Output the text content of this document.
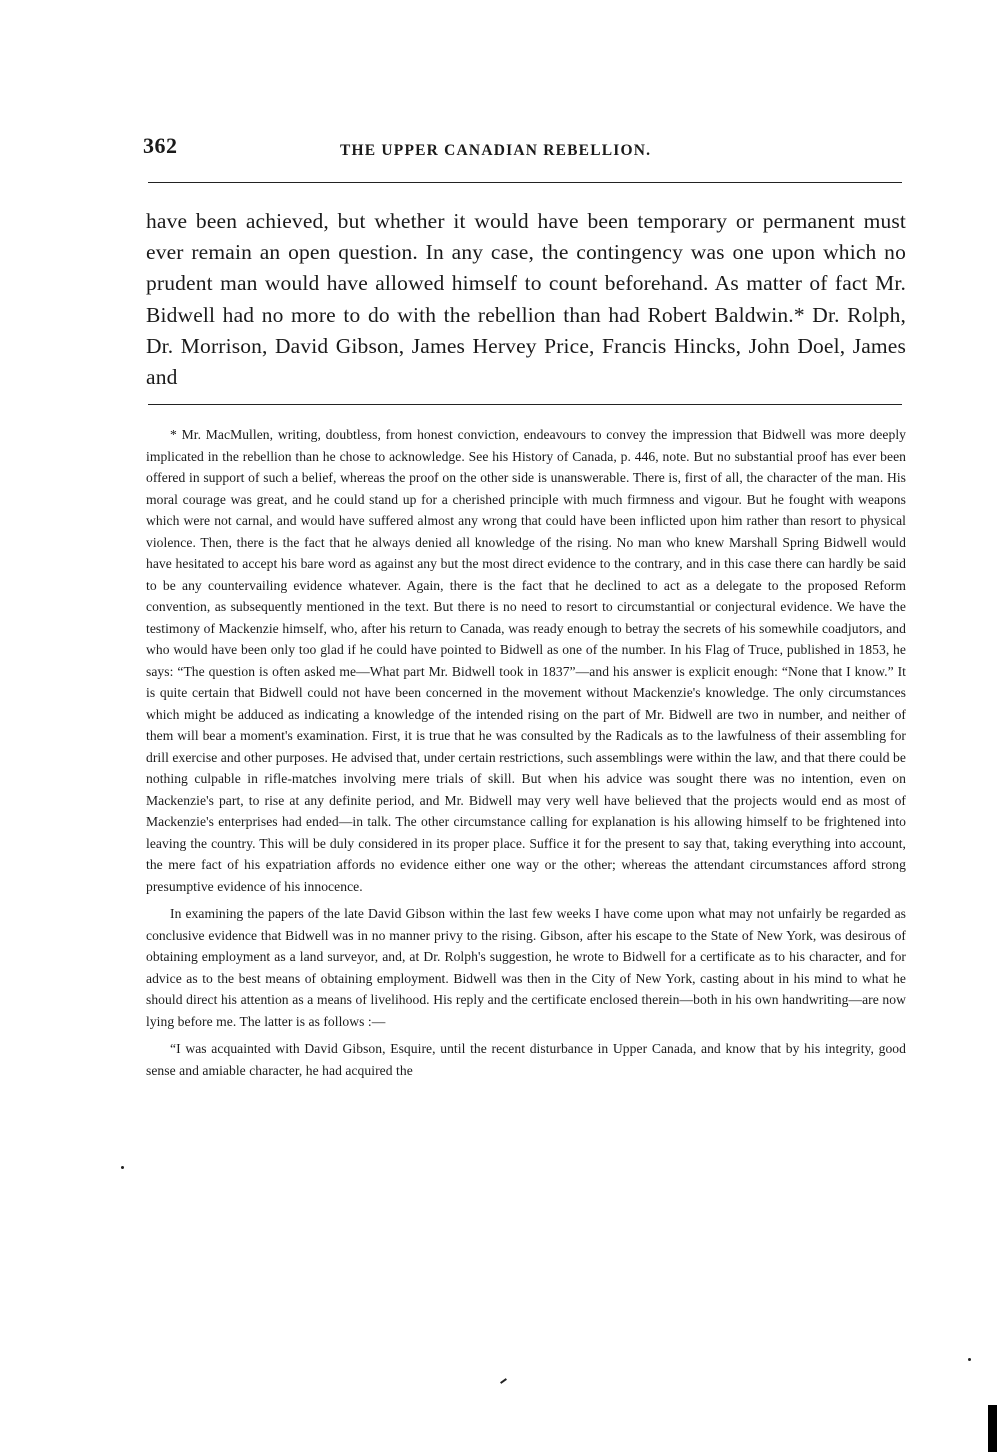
362	THE UPPER CANADIAN REBELLION.

have been achieved, but whether it would have been temporary or permanent must ever remain an open question. In any case, the contingency was one upon which no prudent man would have allowed himself to count beforehand. As matter of fact Mr. Bidwell had no more to do with the rebellion than had Robert Baldwin.* Dr. Rolph, Dr. Morrison, David Gibson, James Hervey Price, Francis Hincks, John Doel, James and

* Mr. MacMullen, writing, doubtless, from honest conviction, endeavours to convey the impression that Bidwell was more deeply implicated in the rebellion than he chose to acknowledge. See his History of Canada, p. 446, note. But no substantial proof has ever been offered in support of such a belief, whereas the proof on the other side is unanswerable. There is, first of all, the character of the man. His moral courage was great, and he could stand up for a cherished principle with much firmness and vigour. But he fought with weapons which were not carnal, and would have suffered almost any wrong that could have been inflicted upon him rather than resort to physical violence. Then, there is the fact that he always denied all knowledge of the rising. No man who knew Marshall Spring Bidwell would have hesitated to accept his bare word as against any but the most direct evidence to the contrary, and in this case there can hardly be said to be any countervailing evidence whatever. Again, there is the fact that he declined to act as a delegate to the proposed Reform convention, as subsequently mentioned in the text. But there is no need to resort to circumstantial or conjectural evidence. We have the testimony of Mackenzie himself, who, after his return to Canada, was ready enough to betray the secrets of his somewhile coadjutors, and who would have been only too glad if he could have pointed to Bidwell as one of the number. In his Flag of Truce, published in 1853, he says: “The question is often asked me—What part Mr. Bidwell took in 1837”—and his answer is explicit enough: “None that I know.” It is quite certain that Bidwell could not have been concerned in the movement without Mackenzie's knowledge. The only circumstances which might be adduced as indicating a knowledge of the intended rising on the part of Mr. Bidwell are two in number, and neither of them will bear a moment's examination. First, it is true that he was consulted by the Radicals as to the lawfulness of their assembling for drill exercise and other purposes. He advised that, under certain restrictions, such assemblings were within the law, and that there could be nothing culpable in rifle-matches involving mere trials of skill. But when his advice was sought there was no intention, even on Mackenzie's part, to rise at any definite period, and Mr. Bidwell may very well have believed that the projects would end as most of Mackenzie's enterprises had ended—in talk. The other circumstance calling for explanation is his allowing himself to be frightened into leaving the country. This will be duly considered in its proper place. Suffice it for the present to say that, taking everything into account, the mere fact of his expatriation affords no evidence either one way or the other; whereas the attendant circumstances afford strong presumptive evidence of his innocence.

In examining the papers of the late David Gibson within the last few weeks I have come upon what may not unfairly be regarded as conclusive evidence that Bidwell was in no manner privy to the rising. Gibson, after his escape to the State of New York, was desirous of obtaining employment as a land surveyor, and, at Dr. Rolph's suggestion, he wrote to Bidwell for a certificate as to his character, and for advice as to the best means of obtaining employment. Bidwell was then in the City of New York, casting about in his mind to what he should direct his attention as a means of livelihood. His reply and the certificate enclosed therein—both in his own handwriting—are now lying before me. The latter is as follows :—

“I was acquainted with David Gibson, Esquire, until the recent disturbance in Upper Canada, and know that by his integrity, good sense and amiable character, he had acquired the
